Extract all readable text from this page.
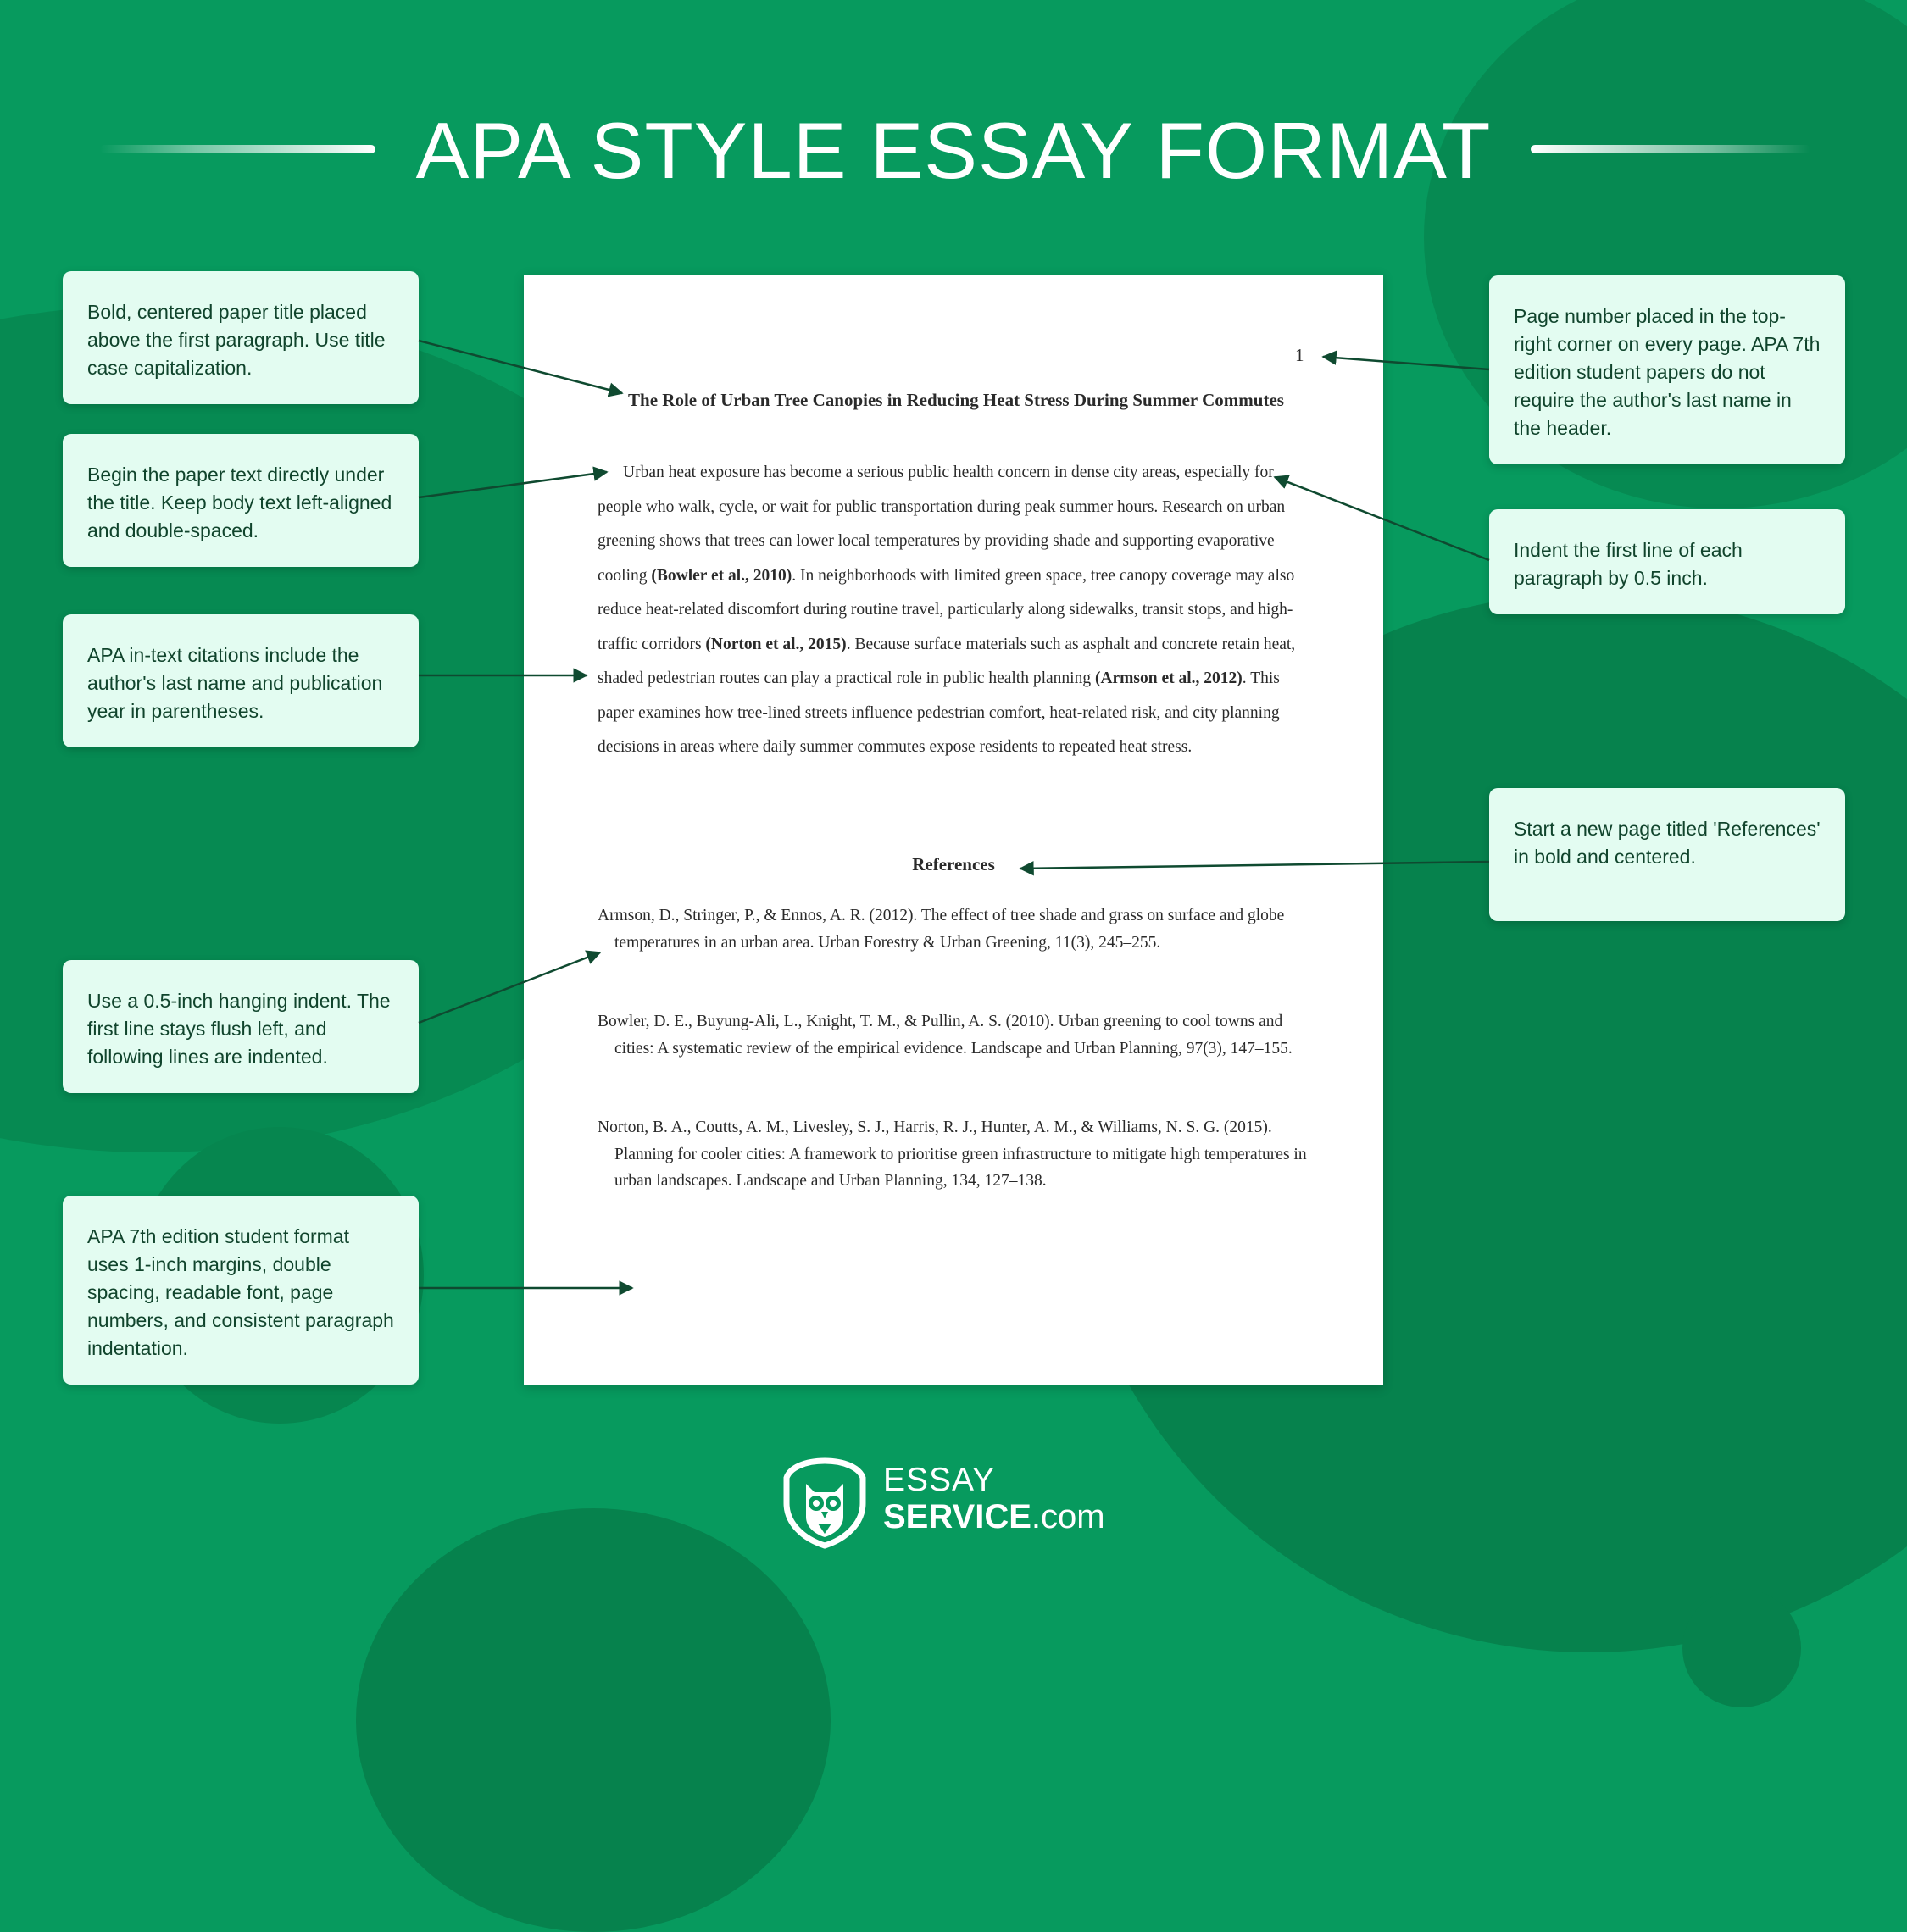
APA STYLE ESSAY FORMAT
Bold, centered paper title placed above the first paragraph. Use title case capitalization.
Begin the paper text directly under the title. Keep body text left-aligned and double-spaced.
APA in-text citations include the author's last name and publication year in parentheses.
Use a 0.5-inch hanging indent. The first line stays flush left, and following lines are indented.
APA 7th edition student format uses 1-inch margins, double spacing, readable font, page numbers, and consistent paragraph indentation.
Page number placed in the top-right corner on every page. APA 7th edition student papers do not require the author's last name in the header.
Indent the first line of each paragraph by 0.5 inch.
Start a new page titled 'References' in bold and centered.
1
The Role of Urban Tree Canopies in Reducing Heat Stress During Summer Commutes

Urban heat exposure has become a serious public health concern in dense city areas, especially for people who walk, cycle, or wait for public transportation during peak summer hours. Research on urban greening shows that trees can lower local temperatures by providing shade and supporting evaporative cooling (Bowler et al., 2010). In neighborhoods with limited green space, tree canopy coverage may also reduce heat-related discomfort during routine travel, particularly along sidewalks, transit stops, and high-traffic corridors (Norton et al., 2015). Because surface materials such as asphalt and concrete retain heat, shaded pedestrian routes can play a practical role in public health planning (Armson et al., 2012). This paper examines how tree-lined streets influence pedestrian comfort, heat-related risk, and city planning decisions in areas where daily summer commutes expose residents to repeated heat stress.

References

Armson, D., Stringer, P., & Ennos, A. R. (2012). The effect of tree shade and grass on surface and globe temperatures in an urban area. Urban Forestry & Urban Greening, 11(3), 245–255.

Bowler, D. E., Buyung-Ali, L., Knight, T. M., & Pullin, A. S. (2010). Urban greening to cool towns and cities: A systematic review of the empirical evidence. Landscape and Urban Planning, 97(3), 147–155.

Norton, B. A., Coutts, A. M., Livesley, S. J., Harris, R. J., Hunter, A. M., & Williams, N. S. G. (2015). Planning for cooler cities: A framework to prioritise green infrastructure to mitigate high temperatures in urban landscapes. Landscape and Urban Planning, 134, 127–138.

ESSAY
SERVICE.com
